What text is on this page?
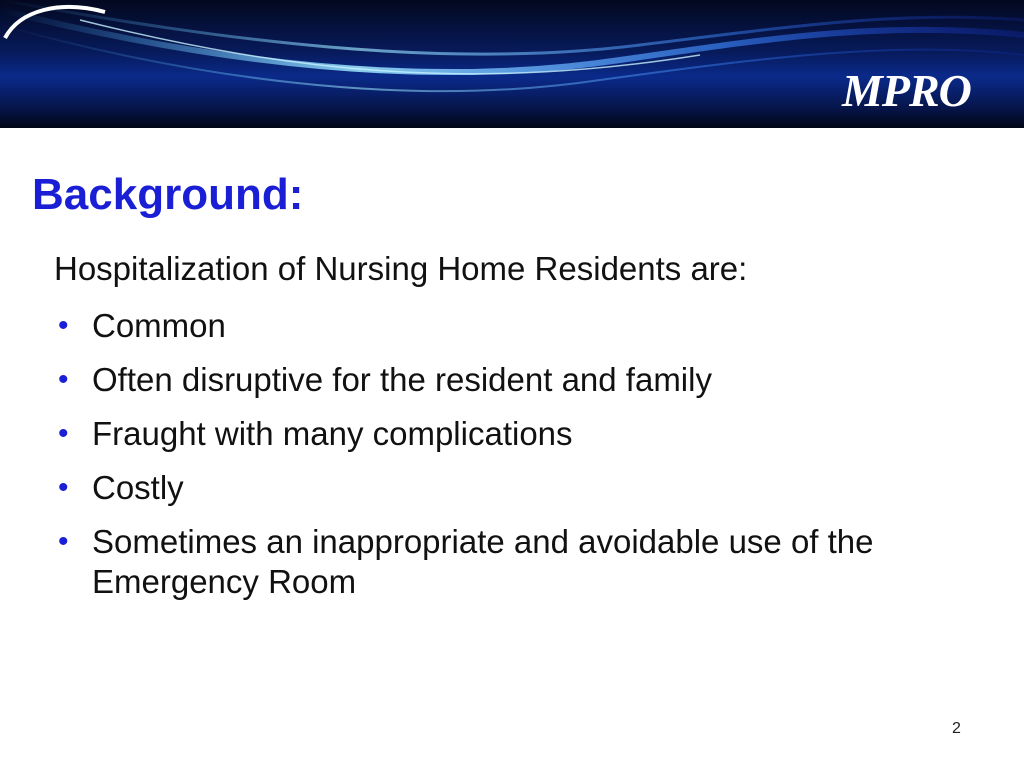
MPRO
Background:
Hospitalization of Nursing Home Residents are:
• Common
• Often disruptive for the resident and family
• Fraught with many complications
• Costly
• Sometimes an inappropriate and avoidable use of the Emergency Room
2
